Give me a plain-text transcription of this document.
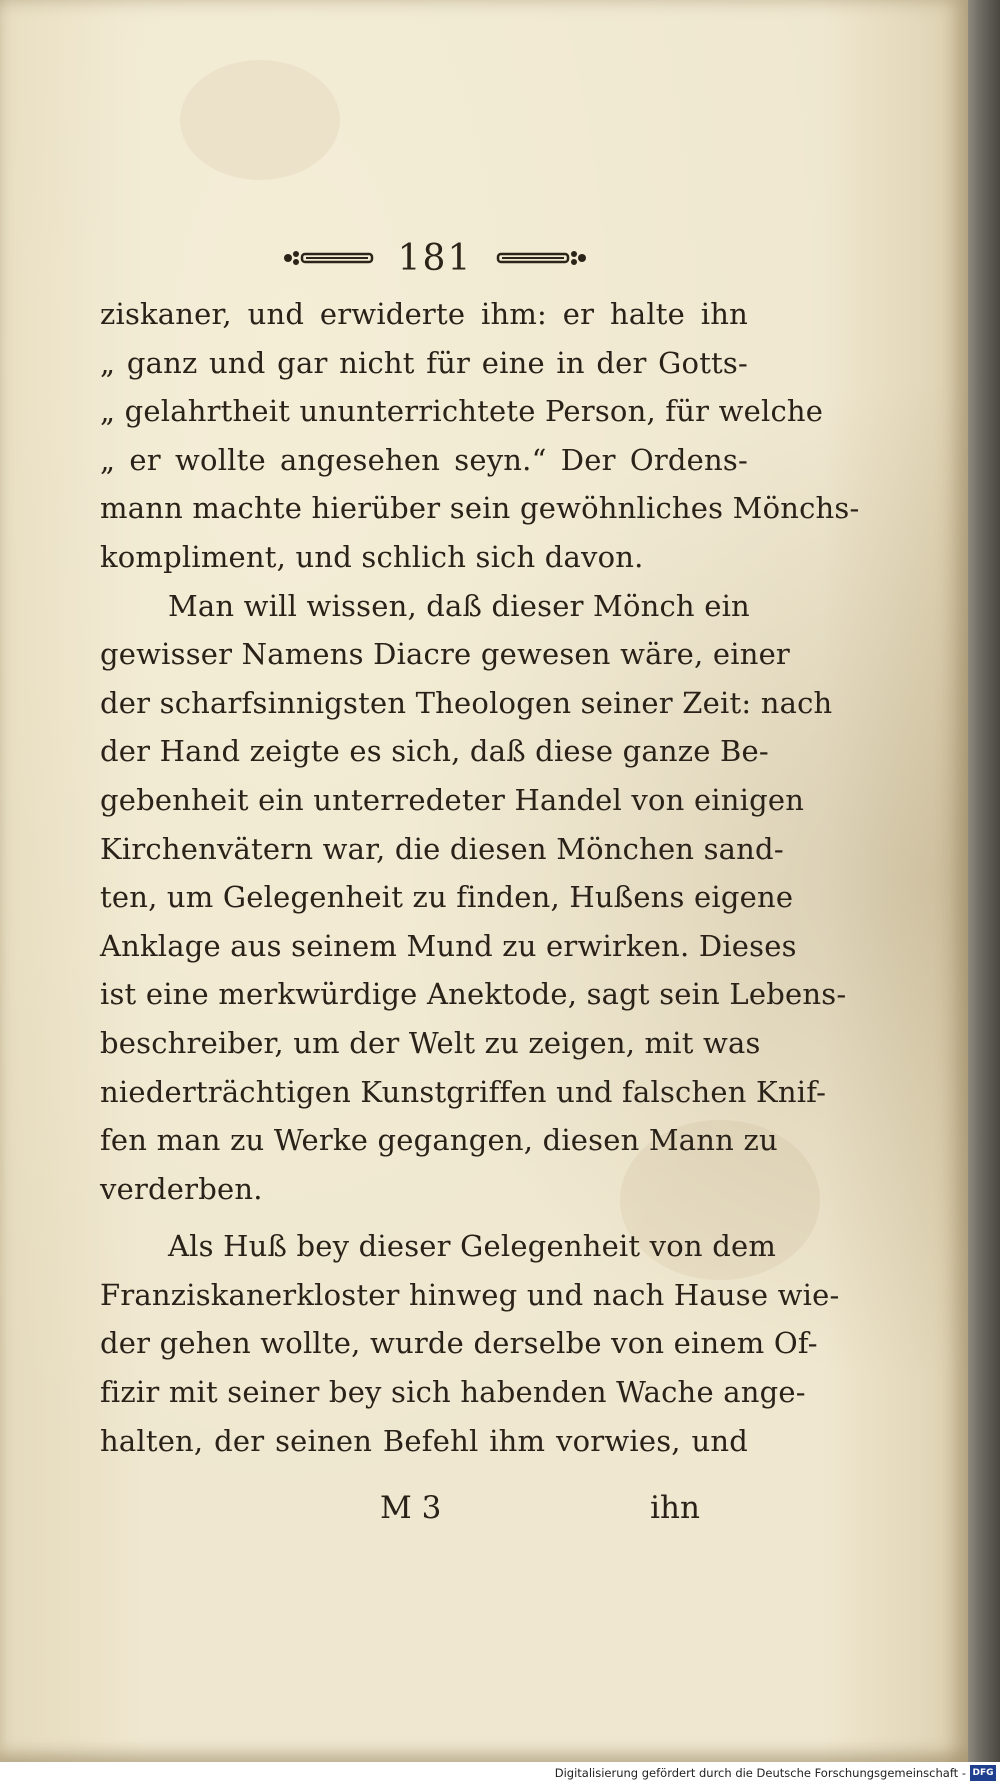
181
ziskaner, und erwiderte ihm: er halte ihn
„ ganz und gar nicht für eine in der Gotts-
„ gelahrtheit ununterrichtete Person, für welche
„ er wollte angesehen seyn.“ Der Ordens-
mann machte hierüber sein gewöhnliches Mönchs-
kompliment, und schlich sich davon.
Man will wissen, daß dieser Mönch ein
gewisser Namens Diacre gewesen wäre, einer
der scharfsinnigsten Theologen seiner Zeit: nach
der Hand zeigte es sich, daß diese ganze Be-
gebenheit ein unterredeter Handel von einigen
Kirchenvätern war, die diesen Mönchen sand-
ten, um Gelegenheit zu finden, Hußens eigene
Anklage aus seinem Mund zu erwirken. Dieses
ist eine merkwürdige Anektode, sagt sein Lebens-
beschreiber, um der Welt zu zeigen, mit was
niederträchtigen Kunstgriffen und falschen Knif-
fen man zu Werke gegangen, diesen Mann zu
verderben.
Als Huß bey dieser Gelegenheit von dem
Franziskanerkloster hinweg und nach Hause wie-
der gehen wollte, wurde derselbe von einem Of-
fizir mit seiner bey sich habenden Wache ange-
halten, der seinen Befehl ihm vorwies, und
M 3	ihn
Digitalisierung gefördert durch die Deutsche Forschungsgemeinschaft - DFG
